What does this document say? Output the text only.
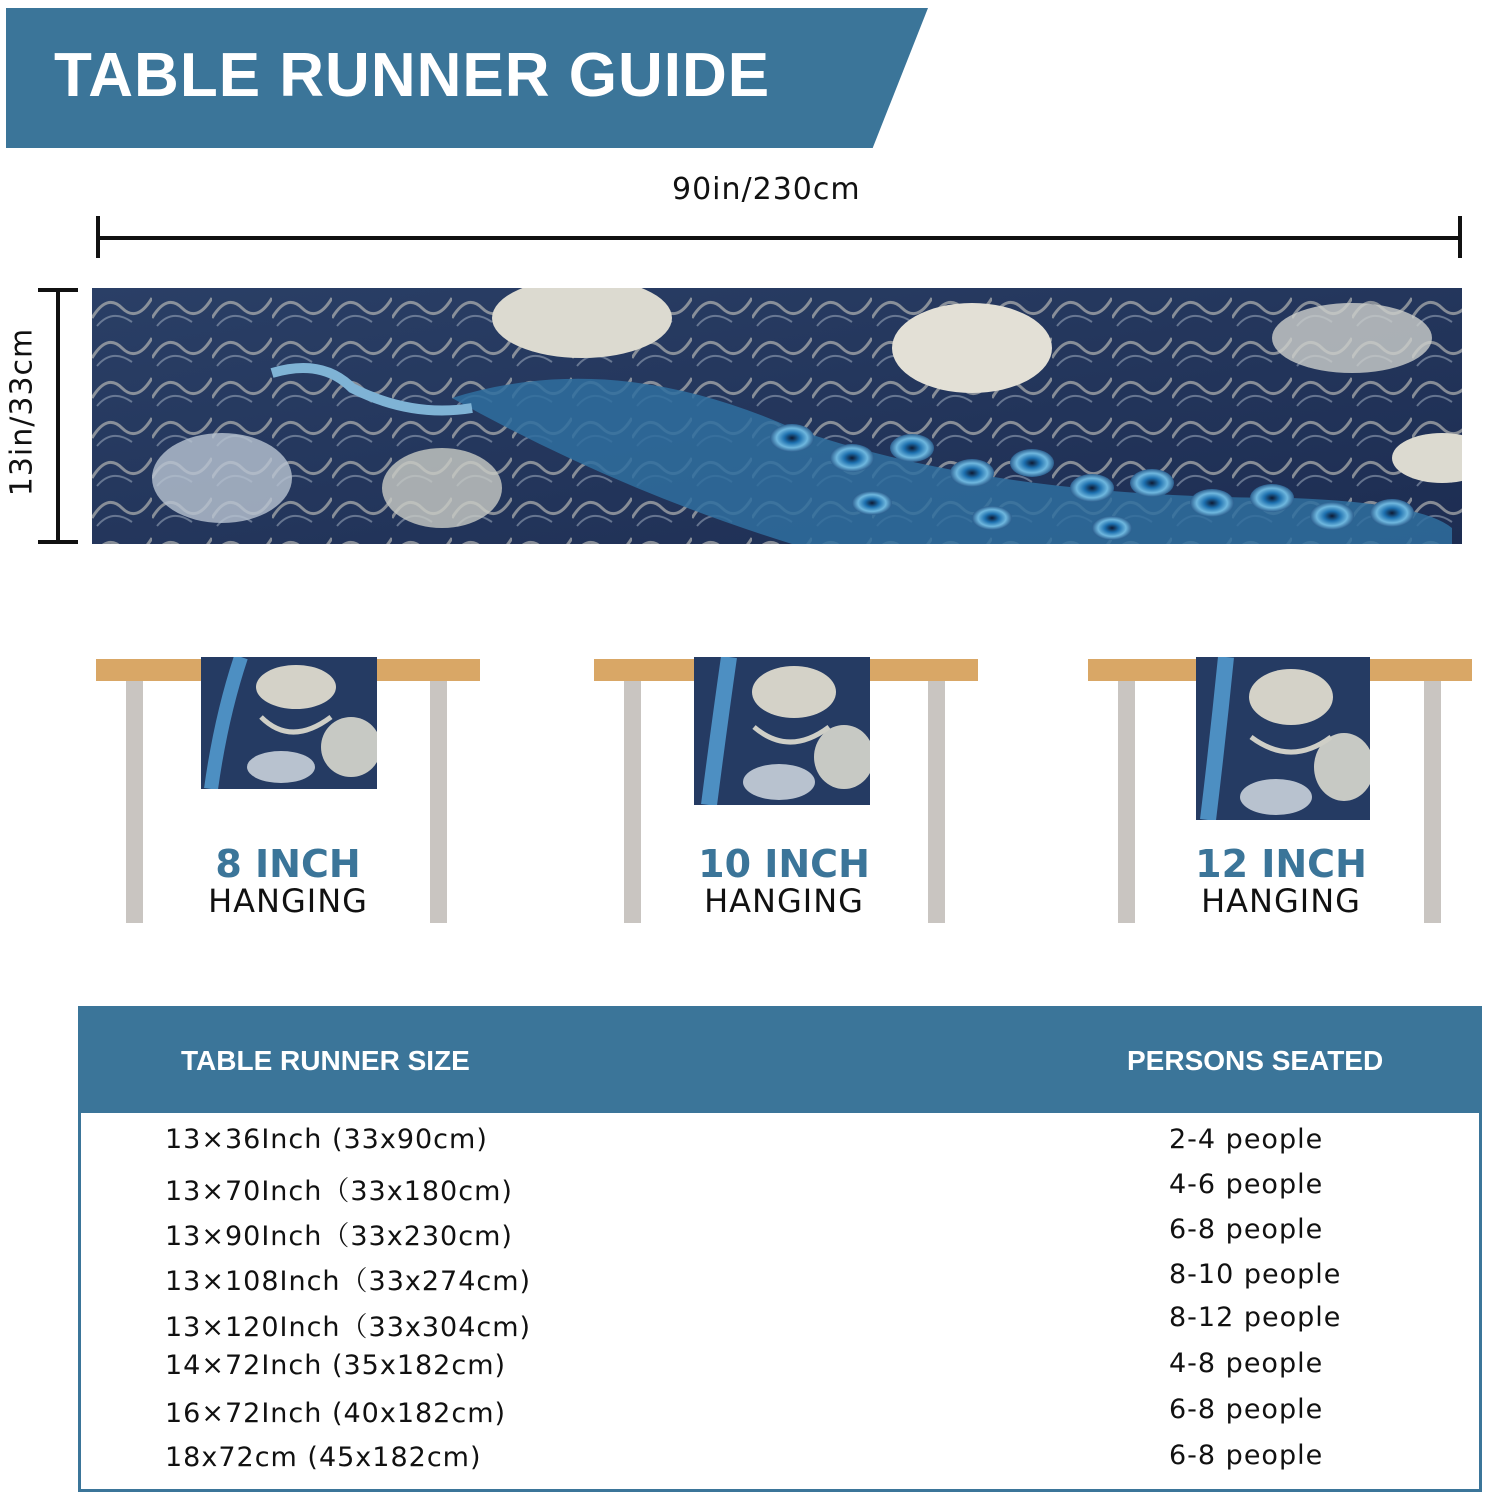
TABLE RUNNER GUIDE
90in/230cm
13in/33cm
8 INCH
HANGING
10 INCH
HANGING
12 INCH
HANGING
TABLE RUNNER SIZE	PERSONS SEATED
13×36Inch (33x90cm)	2-4 people
13×70Inch（33x180cm)	4-6 people
13×90Inch（33x230cm)	6-8 people
13×108Inch（33x274cm)	8-10 people
13×120Inch（33x304cm)	8-12 people
14×72Inch (35x182cm)	4-8 people
16×72Inch (40x182cm)	6-8 people
18x72cm (45x182cm)	6-8 people
